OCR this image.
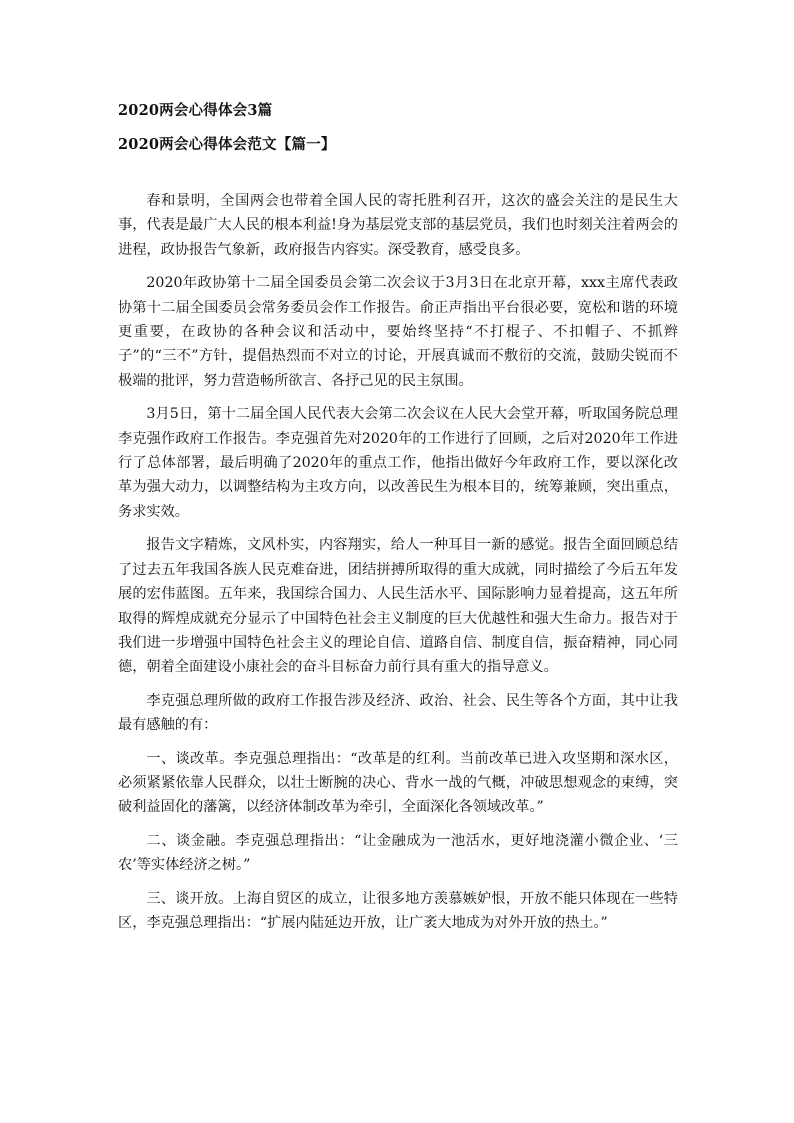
2020两会心得体会3篇
2020两会心得体会范文【篇一】

春和景明，全国两会也带着全国人民的寄托胜利召开，这次的盛会关注的是民生大事，代表是最广大人民的根本利益!身为基层党支部的基层党员，我们也时刻关注着两会的进程，政协报告气象新，政府报告内容实。深受教育，感受良多。

2020年政协第十二届全国委员会第二次会议于3月3日在北京开幕，xxx主席代表政协第十二届全国委员会常务委员会作工作报告。俞正声指出平台很必要，宽松和谐的环境更重要，在政协的各种会议和活动中，要始终坚持“不打棍子、不扣帽子、不抓辫子”的“三不”方针，提倡热烈而不对立的讨论，开展真诚而不敷衍的交流，鼓励尖锐而不极端的批评，努力营造畅所欲言、各抒己见的民主氛围。

3月5日，第十二届全国人民代表大会第二次会议在人民大会堂开幕，听取国务院总理李克强作政府工作报告。李克强首先对2020年的工作进行了回顾，之后对2020年工作进行了总体部署，最后明确了2020年的重点工作，他指出做好今年政府工作，要以深化改革为强大动力，以调整结构为主攻方向，以改善民生为根本目的，统筹兼顾，突出重点，务求实效。

报告文字精炼，文风朴实，内容翔实，给人一种耳目一新的感觉。报告全面回顾总结了过去五年我国各族人民克难奋进，团结拼搏所取得的重大成就，同时描绘了今后五年发展的宏伟蓝图。五年来，我国综合国力、人民生活水平、国际影响力显着提高，这五年所取得的辉煌成就充分显示了中国特色社会主义制度的巨大优越性和强大生命力。报告对于我们进一步增强中国特色社会主义的理论自信、道路自信、制度自信，振奋精神，同心同德，朝着全面建设小康社会的奋斗目标奋力前行具有重大的指导意义。

李克强总理所做的政府工作报告涉及经济、政治、社会、民生等各个方面，其中让我最有感触的有：

一、谈改革。李克强总理指出：“改革是的红利。当前改革已进入攻坚期和深水区，必须紧紧依靠人民群众，以壮士断腕的决心、背水一战的气概，冲破思想观念的束缚，突破利益固化的藩篱，以经济体制改革为牵引，全面深化各领域改革。”

二、谈金融。李克强总理指出：“让金融成为一池活水，更好地浇灌小微企业、‘三农’等实体经济之树。”

三、谈开放。上海自贸区的成立，让很多地方羡慕嫉妒恨，开放不能只体现在一些特区，李克强总理指出：“扩展内陆延边开放，让广袤大地成为对外开放的热土。”
